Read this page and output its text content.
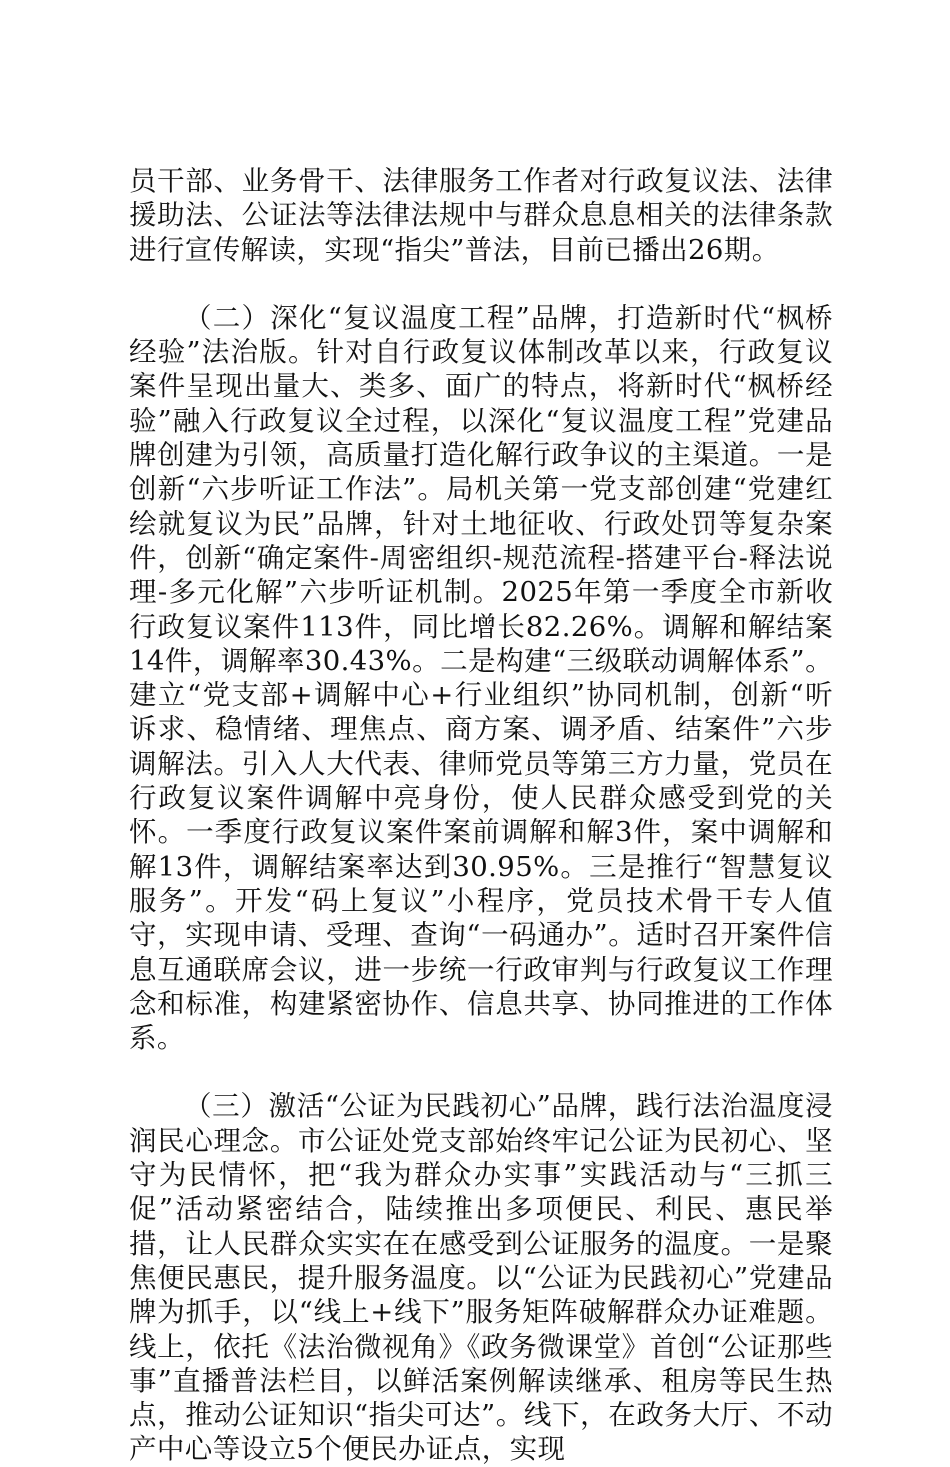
员干部、业务骨干、法律服务工作者对行政复议法、法律援助法、公证法等法律法规中与群众息息相关的法律条款进行宣传解读，实现“指尖”普法，目前已播出26期。

（二）深化“复议温度工程”品牌，打造新时代“枫桥经验”法治版。针对自行政复议体制改革以来，行政复议案件呈现出量大、类多、面广的特点，将新时代“枫桥经验”融入行政复议全过程，以深化“复议温度工程”党建品牌创建为引领，高质量打造化解行政争议的主渠道。一是创新“六步听证工作法”。局机关第一党支部创建“党建红绘就复议为民”品牌，针对土地征收、行政处罚等复杂案件，创新“确定案件-周密组织-规范流程-搭建平台-释法说理-多元化解”六步听证机制。2025年第一季度全市新收行政复议案件113件，同比增长82.26%。调解和解结案14件，调解率30.43%。二是构建“三级联动调解体系”。建立“党支部+调解中心+行业组织”协同机制，创新“听诉求、稳情绪、理焦点、商方案、调矛盾、结案件”六步调解法。引入人大代表、律师党员等第三方力量，党员在行政复议案件调解中亮身份，使人民群众感受到党的关怀。一季度行政复议案件案前调解和解3件，案中调解和解13件，调解结案率达到30.95%。三是推行“智慧复议服务”。开发“码上复议”小程序，党员技术骨干专人值守，实现申请、受理、查询“一码通办”。适时召开案件信息互通联席会议，进一步统一行政审判与行政复议工作理念和标准，构建紧密协作、信息共享、协同推进的工作体系。

（三）激活“公证为民践初心”品牌，践行法治温度浸润民心理念。市公证处党支部始终牢记公证为民初心、坚守为民情怀，把“我为群众办实事”实践活动与“三抓三促”活动紧密结合，陆续推出多项便民、利民、惠民举措，让人民群众实实在在感受到公证服务的温度。一是聚焦便民惠民，提升服务温度。以“公证为民践初心”党建品牌为抓手，以“线上+线下”服务矩阵破解群众办证难题。线上，依托《法治微视角》《政务微课堂》首创“公证那些事”直播普法栏目，以鲜活案例解读继承、租房等民生热点，推动公证知识“指尖可达”。线下，在政务大厅、不动产中心等设立5个便民办证点，实现
